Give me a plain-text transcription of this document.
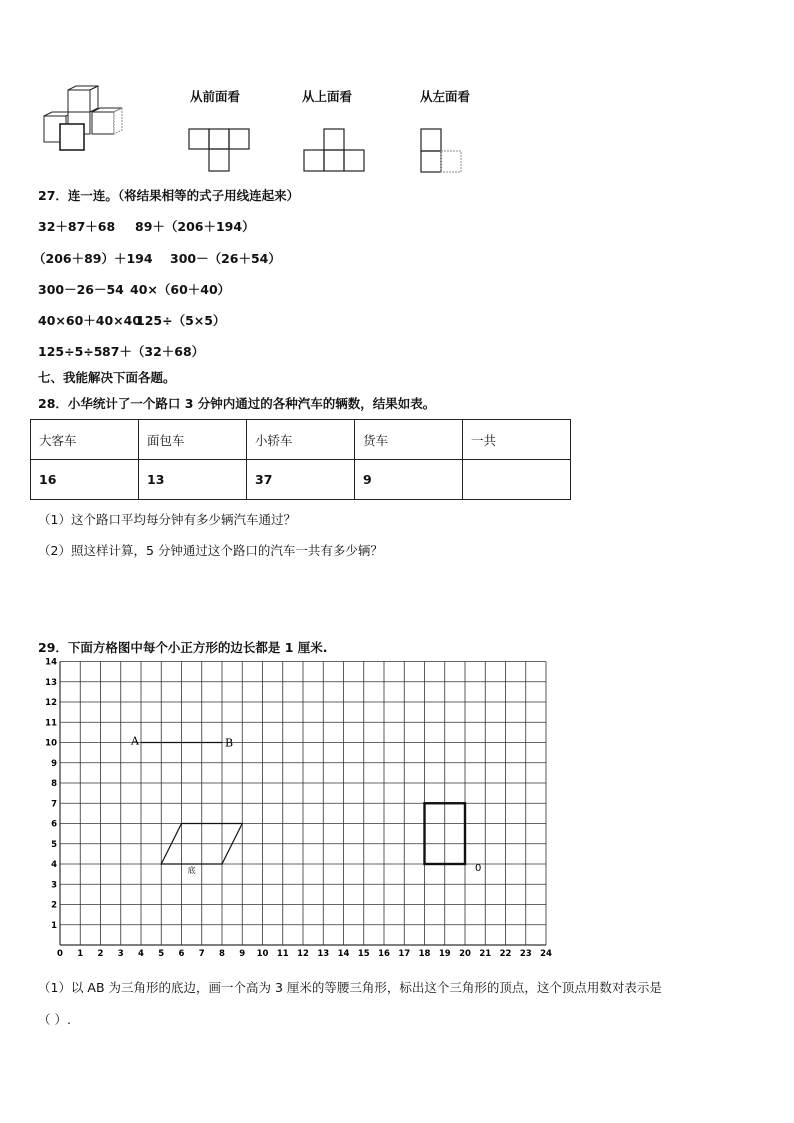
从前面看	从上面看	从左面看
27．连一连。（将结果相等的式子用线连起来）
32＋87＋68 89＋（206＋194）
（206＋89）＋194 300－（26＋54）
300－26－54 40×（60＋40）
40×60＋40×40
125÷（5×5）
125÷5÷5 87＋（32＋68）
七、我能解决下面各题。
28．小华统计了一个路口 3 分钟内通过的各种汽车的辆数，结果如表。
大客车	面包车	小轿车	货车	一共
16	13	37	9	
（1）这个路口平均每分钟有多少辆汽车通过？
（2）照这样计算，5 分钟通过这个路口的汽车一共有多少辆？
29．下面方格图中每个小正方形的边长都是 1 厘米.
0 1 2 3 4 5 6 7 8 9 10 11 12 13 14 15 16 17 18 19 20 21 22 23 24
1
2
3
4
5
6
7
8
9
10
11
12
13
14
A	B
底	0
（1）以 AB 为三角形的底边，画一个高为 3 厘米的等腰三角形，标出这个三角形的顶点，这个顶点用数对表示是
（ ）.
